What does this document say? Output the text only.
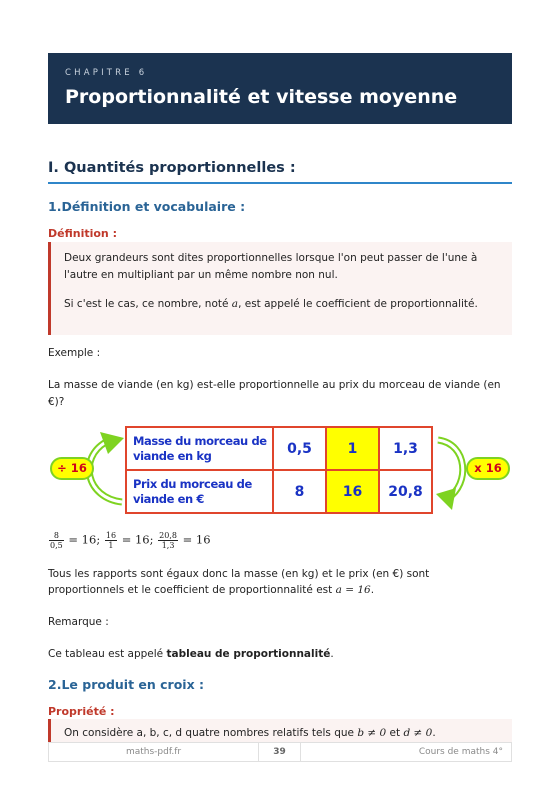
CHAPITRE 6
Proportionnalité et vitesse moyenne
I. Quantités proportionnelles :
1.Définition et vocabulaire :
Définition :

Deux grandeurs sont dites proportionnelles lorsque l'on peut passer de l'une à

l'autre en multipliant par un même nombre non nul.

Si c'est le cas, ce nombre, noté a, est appelé le coefficient de proportionnalité.

Exemple :
La masse de viande (en kg) est-elle proportionnelle au prix du morceau de viande (en
€)?
÷ 16
Masse du morceau de viande en kg	0,5	1	1,3
Prix du morceau de viande en €	8	16	20,8
x 16
$\frac{8}{0,5} = 16$; $\frac{16}{1} = 16$; $\frac{20,8}{1,3} = 16$
Tous les rapports sont égaux donc la masse (en kg) et le prix (en €) sont
proportionnels et le coefficient de proportionnalité est a = 16.
Remarque :
Ce tableau est appelé tableau de proportionnalité.
2.Le produit en croix :
Propriété :

On considère a, b, c, d quatre nombres relatifs tels que b ≠ 0 et d ≠ 0.

maths-pdf.fr	39	Cours de maths 4°
